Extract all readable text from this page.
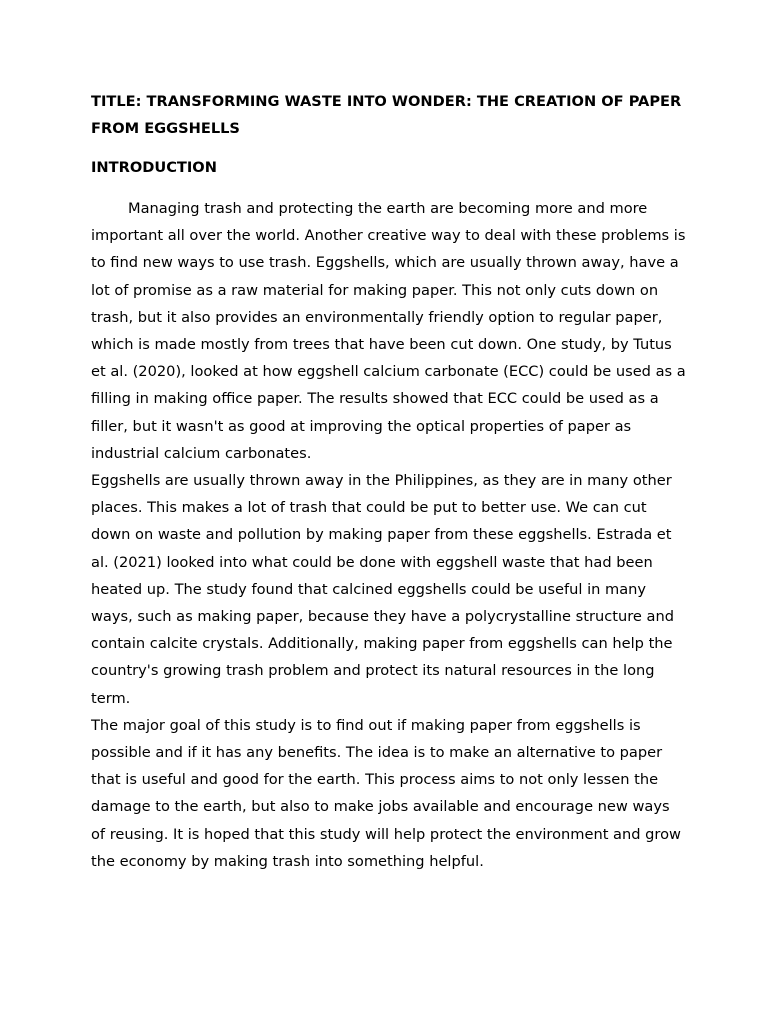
TITLE: TRANSFORMING WASTE INTO WONDER: THE CREATION OF PAPER FROM EGGSHELLS
INTRODUCTION

Managing trash and protecting the earth are becoming more and more important all over the world. Another creative way to deal with these problems is to find new ways to use trash. Eggshells, which are usually thrown away, have a lot of promise as a raw material for making paper. This not only cuts down on trash, but it also provides an environmentally friendly option to regular paper, which is made mostly from trees that have been cut down. One study, by Tutus et al. (2020), looked at how eggshell calcium carbonate (ECC) could be used as a filling in making office paper. The results showed that ECC could be used as a filler, but it wasn't as good at improving the optical properties of paper as industrial calcium carbonates.

Eggshells are usually thrown away in the Philippines, as they are in many other places. This makes a lot of trash that could be put to better use. We can cut down on waste and pollution by making paper from these eggshells. Estrada et al. (2021) looked into what could be done with eggshell waste that had been heated up. The study found that calcined eggshells could be useful in many ways, such as making paper, because they have a polycrystalline structure and contain calcite crystals. Additionally, making paper from eggshells can help the country's growing trash problem and protect its natural resources in the long term.

The major goal of this study is to find out if making paper from eggshells is possible and if it has any benefits. The idea is to make an alternative to paper that is useful and good for the earth. This process aims to not only lessen the damage to the earth, but also to make jobs available and encourage new ways of reusing. It is hoped that this study will help protect the environment and grow the economy by making trash into something helpful.
